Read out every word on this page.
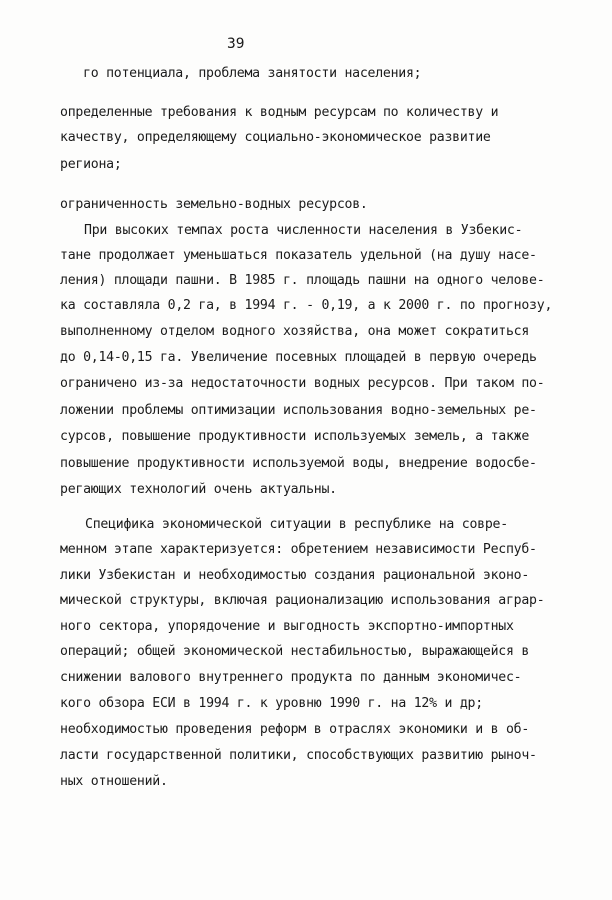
39
го потенциала, проблема занятости населения;
определенные требования к водным ресурсам по количеству и
качеству, определяющему социально-экономическое развитие
региона;
ограниченность земельно-водных ресурсов.
При высоких темпах роста численности населения в Узбекис-
тане продолжает уменьшаться показатель удельной (на душу насе-
ления) площади пашни. В 1985 г. площадь пашни на одного челове-
ка составляла 0,2 га, в 1994 г. - 0,19, а к 2000 г. по прогнозу,
выполненному отделом водного хозяйства, она может сократиться
до 0,14-0,15 га. Увеличение посевных площадей в первую очередь
ограничено из-за недостаточности водных ресурсов. При таком по-
ложении проблемы оптимизации использования водно-земельных ре-
сурсов, повышение продуктивности используемых земель, а также
повышение продуктивности используемой воды, внедрение водосбе-
регающих технологий очень актуальны.
Специфика экономической ситуации в республике на совре-
менном этапе характеризуется: обретением независимости Респуб-
лики Узбекистан и необходимостью создания рациональной эконо-
мической структуры, включая рационализацию использования аграр-
ного сектора, упорядочение и выгодность экспортно-импортных
операций; общей экономической нестабильностью, выражающейся в
снижении валового внутреннего продукта по данным экономичес-
кого обзора ЕСИ в 1994 г. к уровню 1990 г. на 12% и др;
необходимостью проведения реформ в отраслях экономики и в об-
ласти государственной политики, способствующих развитию рыноч-
ных отношений.
